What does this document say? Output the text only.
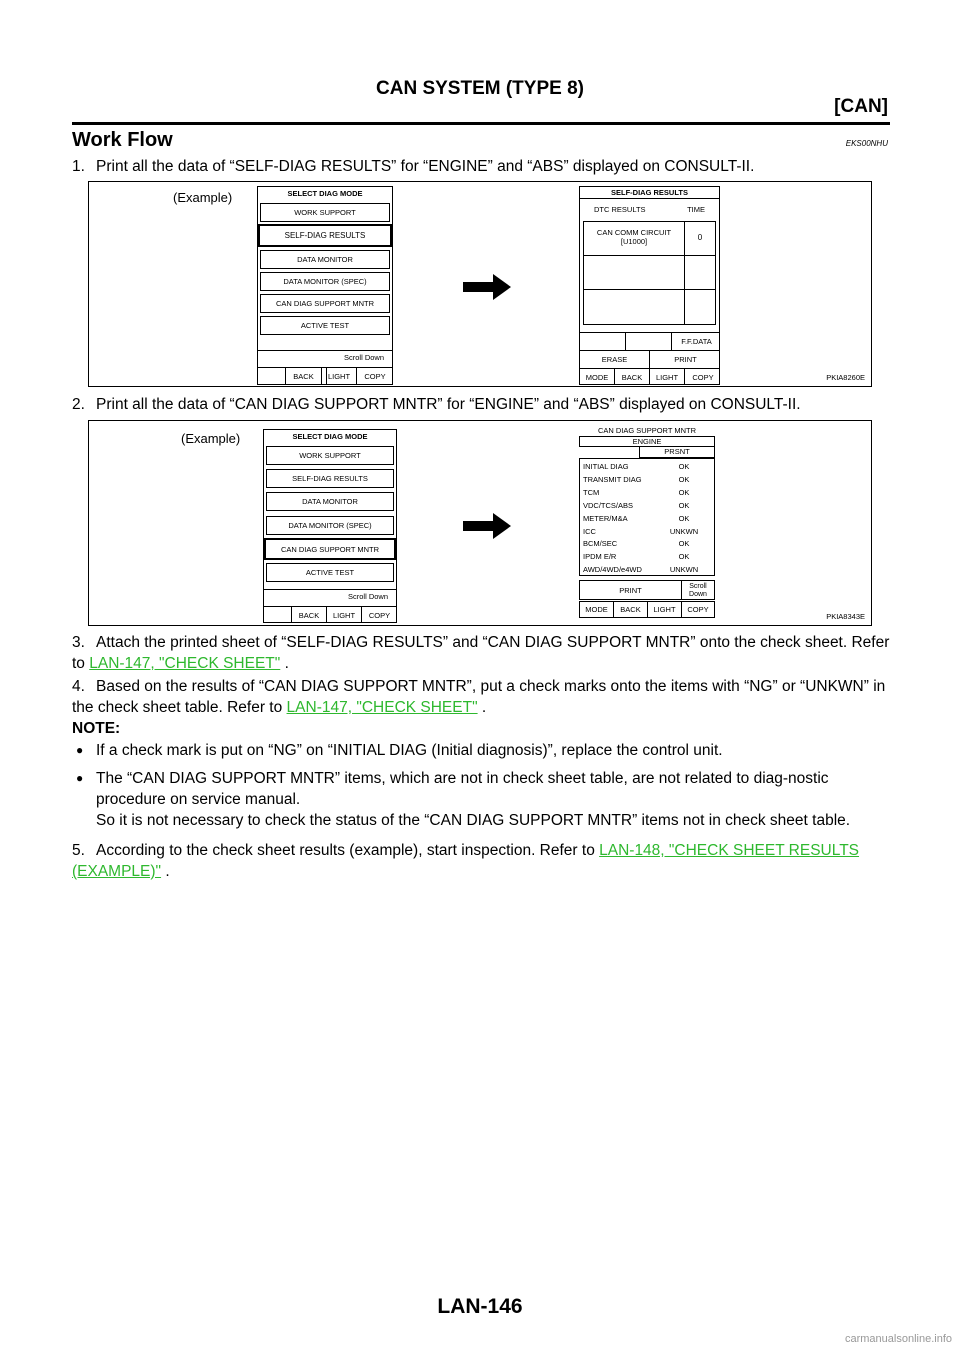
CAN SYSTEM (TYPE 8)
[CAN]
Work Flow	EKS00NHU
1. Print all the data of “SELF-DIAG RESULTS” for “ENGINE” and “ABS” displayed on CONSULT-II.
(Example)	SELECT DIAG MODE
WORK SUPPORT
SELF-DIAG RESULTS
DATA MONITOR
DATA MONITOR (SPEC)
CAN DIAG SUPPORT MNTR
ACTIVE TEST
Scroll Down
BACK	LIGHT	COPY
SELF-DIAG RESULTS
DTC RESULTS	TIME
CAN COMM CIRCUIT
[U1000]	0
F.F.DATA
ERASE	PRINT
MODE	BACK	LIGHT	COPY	PKIA8260E
2. Print all the data of “CAN DIAG SUPPORT MNTR” for “ENGINE” and “ABS” displayed on CONSULT-II.
(Example)	SELECT DIAG MODE
WORK SUPPORT
SELF-DIAG RESULTS
DATA MONITOR
DATA MONITOR (SPEC)
CAN DIAG SUPPORT MNTR
ACTIVE TEST
Scroll Down
BACK	LIGHT	COPY
CAN DIAG SUPPORT MNTR
ENGINE
PRSNT
INITIAL DIAG	OK
TRANSMIT DIAG	OK
TCM	OK
VDC/TCS/ABS	OK
METER/M&A	OK
ICC	UNKWN
BCM/SEC	OK
IPDM E/R	OK
AWD/4WD/e4WD	UNKWN
PRINT	Scroll
Down
MODE	BACK	LIGHT	COPY
PKIA8343E
3. Attach the printed sheet of “SELF-DIAG RESULTS” and “CAN DIAG SUPPORT MNTR” onto the check sheet. Refer to LAN-147, "CHECK SHEET" .
4. Based on the results of “CAN DIAG SUPPORT MNTR”, put a check marks onto the items with “NG” or “UNKWN” in the check sheet table. Refer to LAN-147, "CHECK SHEET" .
NOTE:
● If a check mark is put on “NG” on “INITIAL DIAG (Initial diagnosis)”, replace the control unit.
● The “CAN DIAG SUPPORT MNTR” items, which are not in check sheet table, are not related to diag-nostic procedure on service manual.
So it is not necessary to check the status of the “CAN DIAG SUPPORT MNTR” items not in check sheet table.
5. According to the check sheet results (example), start inspection. Refer to LAN-148, "CHECK SHEET RESULTS (EXAMPLE)" .
LAN-146
carmanualsonline.info
